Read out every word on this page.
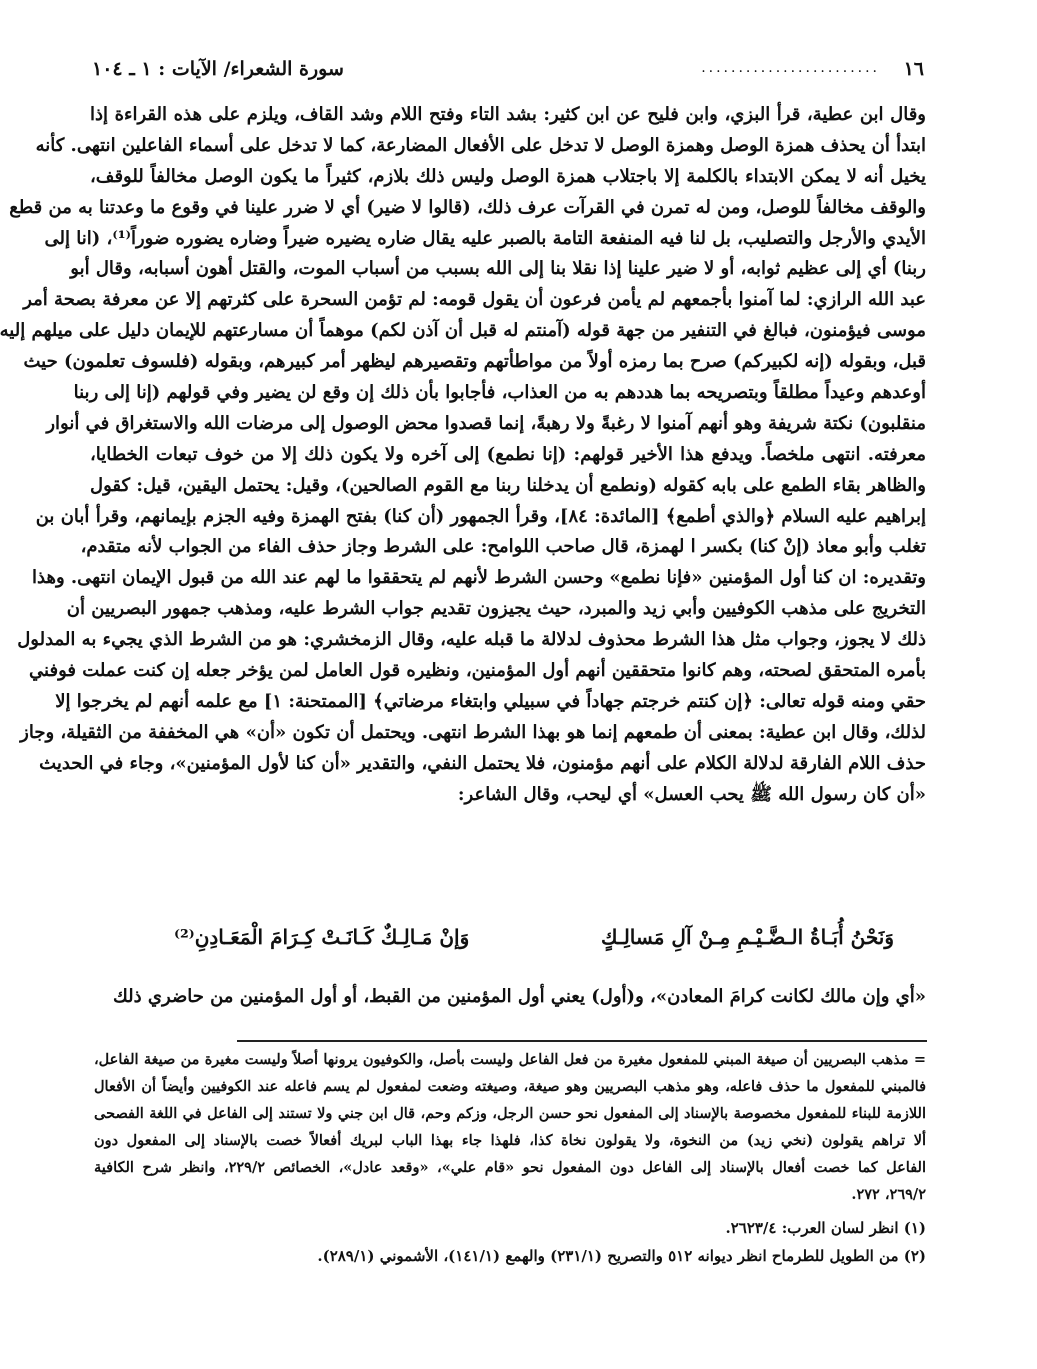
١٦
........................
سورة الشعراء/ الآيات : ١ ـ ١٠٤
وقال ابن عطية، قرأ البزي، وابن فليح عن ابن كثير: بشد التاء وفتح اللام وشد القاف، ويلزم على هذه القراءة إذا
ابتدأ أن يحذف همزة الوصل وهمزة الوصل لا تدخل على الأفعال المضارعة، كما لا تدخل على أسماء الفاعلين انتهى. كأنه
يخيل أنه لا يمكن الابتداء بالكلمة إلا باجتلاب همزة الوصل وليس ذلك بلازم، كثيراً ما يكون الوصل مخالفاً للوقف،
والوقف مخالفاً للوصل، ومن له تمرن في القرآت عرف ذلك، (قالوا لا ضير) أي لا ضرر علينا في وقوع ما وعدتنا به من قطع
الأيدي والأرجل والتصليب، بل لنا فيه المنفعة التامة بالصبر عليه يقال ضاره يضيره ضيراً وضاره يضوره ضوراً⁽¹⁾، (انا إلى
ربنا) أي إلى عظيم ثوابه، أو لا ضير علينا إذا نقلا بنا إلى الله بسبب من أسباب الموت، والقتل أهون أسبابه، وقال أبو
عبد الله الرازي: لما آمنوا بأجمعهم لم يأمن فرعون أن يقول قومه: لم تؤمن السحرة على كثرتهم إلا عن معرفة بصحة أمر
موسى فيؤمنون، فبالغ في التنفير من جهة قوله (آمنتم له قبل أن آذن لكم) موهماً أن مسارعتهم للإيمان دليل على ميلهم إليه
قبل، وبقوله (إنه لكبيركم) صرح بما رمزه أولاً من مواطأتهم وتقصيرهم ليظهر أمر كبيرهم، وبقوله (فلسوف تعلمون) حيث
أوعدهم وعيداً مطلقاً وبتصريحه بما هددهم به من العذاب، فأجابوا بأن ذلك إن وقع لن يضير وفي قولهم (إنا إلى ربنا
منقلبون) نكتة شريفة وهو أنهم آمنوا لا رغبةً ولا رهبةً، إنما قصدوا محض الوصول إلى مرضات الله والاستغراق في أنوار
معرفته. انتهى ملخصاً. ويدفع هذا الأخير قولهم: (إنا نطمع) إلى آخره ولا يكون ذلك إلا من خوف تبعات الخطايا،
والظاهر بقاء الطمع على بابه كقوله (ونطمع أن يدخلنا ربنا مع القوم الصالحين)، وقيل: يحتمل اليقين، قيل: كقول
إبراهيم عليه السلام ﴿والذي أطمع﴾ [المائدة: ٨٤]، وقرأ الجمهور (أن كنا) بفتح الهمزة وفيه الجزم بإيمانهم، وقرأ أبان بن
تغلب وأبو معاذ (إنْ كنا) بكسر ا لهمزة، قال صاحب اللوامح: على الشرط وجاز حذف الفاء من الجواب لأنه متقدم،
وتقديره: ان كنا أول المؤمنين «فإنا نطمع» وحسن الشرط لأنهم لم يتحققوا ما لهم عند الله من قبول الإيمان انتهى. وهذا
التخريج على مذهب الكوفيين وأبي زيد والمبرد، حيث يجيزون تقديم جواب الشرط عليه، ومذهب جمهور البصريين أن
ذلك لا يجوز، وجواب مثل هذا الشرط محذوف لدلالة ما قبله عليه، وقال الزمخشري: هو من الشرط الذي يجيء به المدلول
بأمره المتحقق لصحته، وهم كانوا متحققين أنهم أول المؤمنين، ونظيره قول العامل لمن يؤخر جعله إن كنت عملت فوفني
حقي ومنه قوله تعالى: ﴿إن كنتم خرجتم جهاداً في سبيلي وابتغاء مرضاتي﴾ [الممتحنة: ١] مع علمه أنهم لم يخرجوا إلا
لذلك، وقال ابن عطية: بمعنى أن طمعهم إنما هو بهذا الشرط انتهى. ويحتمل أن تكون «أن» هي المخففة من الثقيلة، وجاز
حذف اللام الفارقة لدلالة الكلام على أنهم مؤمنون، فلا يحتمل النفي، والتقدير «أن كنا لأول المؤمنين»، وجاء في الحديث
«أن كان رسول الله ﷺ يحب العسل» أي ليحب، وقال الشاعر:
وَنَحْنُ أُبَـاةُ الـضَّـيْـمِ مِـنْ آلِ مَسالِـكٍ
وَإنْ مَـالِـكٌ كَـانَـتْ كِـرَامَ الْمَعَـادِنِ⁽²⁾
«أي وإن مالك لكانت كرامَ المعادن»، و(أول) يعني أول المؤمنين من القبط، أو أول المؤمنين من حاضري ذلك
= مذهب البصريين أن صيغة المبني للمفعول مغيرة من فعل الفاعل وليست بأصل، والكوفيون يرونها أصلاً وليست مغيرة من صيغة الفاعل،
فالمبني للمفعول ما حذف فاعله، وهو مذهب البصريين وهو صيغة، وصيغته وضعت لمفعول لم يسم فاعله عند الكوفيين وأيضاً أن الأفعال
اللازمة للبناء للمفعول مخصوصة بالإسناد إلى المفعول نحو حسن الرجل، وزكم وحم، قال ابن جني ولا تستند إلى الفاعل في اللغة الفصحى
ألا تراهم يقولون (نخي زيد) من النخوة، ولا يقولون نخاة كذا، فلهذا جاء بهذا الباب لبريك أفعالاً خصت بالإسناد إلى المفعول دون
الفاعل كما خصت أفعال بالإسناد إلى الفاعل دون المفعول نحو «قام علي»، «وقعد عادل»، الخصائص ٢٢٩/٢، وانظر شرح الكافية
٢٦٩/٢، ٢٧٢.
(١) انظر لسان العرب: ٢٦٢٣/٤.
(٢) من الطويل للطرماح انظر ديوانه ٥١٢ والتصريح (٢٣١/١) والهمع (١٤١/١)، الأشموني (٢٨٩/١).
